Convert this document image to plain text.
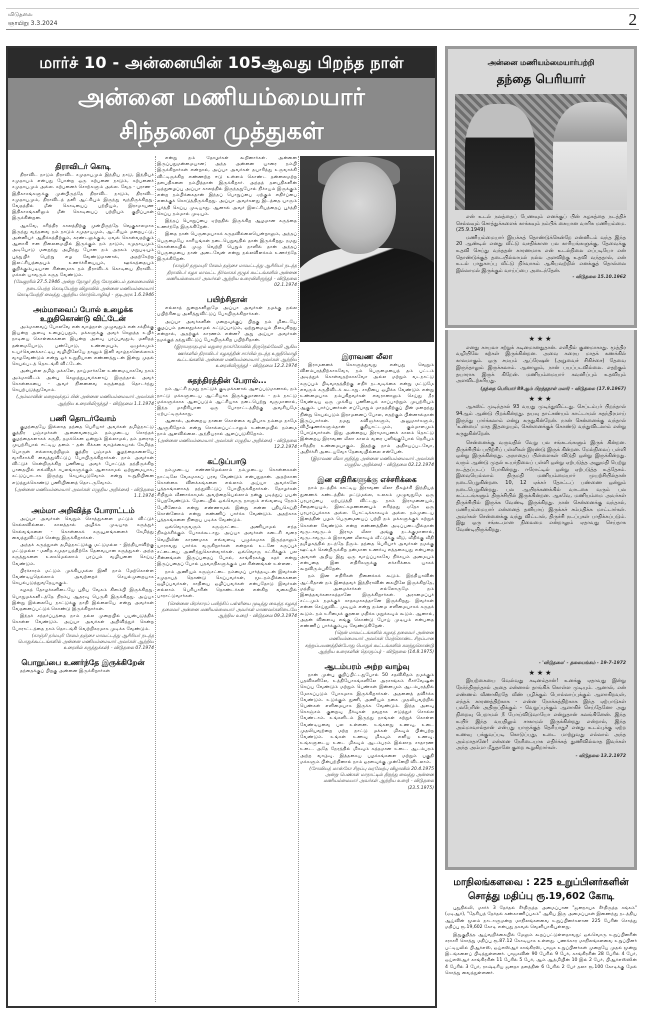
விடுதலை
ஞாயிறு 3.3.2024	2
மார்ச் 10 - அன்னையின் 105ஆவது பிறந்த நாள்
அன்னை மணியம்மையார்
சிந்தனை முத்துகள்
திராவிடர் கொடி

திராவிட நாடும் திராவிட சமுதாயமும் இந்திய நாடு, இந்தியச் சமுதாயம் என்பது போன்ற ஒரு கற்பனை நாடும், கற்பனைச் சமுதாயமும் அல்ல. கற்பனைச் சொற்களும் அல்ல. வேத - புராண - இதிகாசங்களுக்கு முன்பிருந்தே திராவிட நாடும், திராவிட சமுதாயமும், திராவிடத் தனி ஆட்சியும் இருந்து வந்திருக்கிறது. வேதத்தில் மீன் கொடியைப் பற்றியும், இராமாயண இதிகாசங்களிலும் மீன் கொடியைப் பற்றியும் குறிப்புகள் இருக்கின்றன.

ஆகவே, சரித்திர காலத்திற்கு முன்பிருந்தே வெகுகாலமாக இருந்து வந்தவை நம் நாடும் சமுதாயமும், ஆட்சியும் மறைபட்டு, அன்னியர் ஆதிக்கத்திற்கும், சுரண்டலுக்கும், ஏவல் கொள்வதற்கும் ஆளாகி ஈன நிலைமையில் இருக்கும் நம் நாடும், சமுதாயமும் அடியோடு மறைந்து அழிந்து போன நம் அரசும் மறுபடியும் புத்துயிர் பெற்று எழ வேண்டுமானால், அதற்கேற்ற இலட்சியத்தையும் உணர்ச்சியையும், ஊக்கத்தையும் குறிக்கும்படியான சின்னமாக நம் திராவிடக் கொடியை திராவிட மக்கள் யாவரும் கருத வேண்டும்.

(வேலூரில் 27.5.1946 அன்று தோழர் திரு கோதண்டம் தலைமையில் நடைபெற்ற கொடியேற்று விழாவில் அன்னை மணியம்மையார் கொடியேற்றி வைத்து ஆற்றிய சொற்பொழிவு) - குடிஅரசு 1.6.1946

அம்மாவைப் போல் உழைக்க உறுதிகொண்டு விட்டேன்

அம்மாவைப் போலவே என் வாழ்நாள் முழுவதும் என் சக்திக்கு இயன்ற அளவு உழைப்பதும், மக்களுக்கு அவர் செலுத்த உயிர் நாடியை கொள்கைகளை இயன்ற அளவு பரப்புவதும், மனிதத் தன்மையோடு, பண்போடு, உண்மையும், ஒழுக்கமும் உயர்வெனக்காட்டிய வழியிலேயே நானும் இனி வாழ்நாளெல்லாம் வாழவேண்டும் என்று ஓர் உறுதியான எண்ணத்துடன் இன்று முதல் செயல்படத் தொடங்கி விட்டேன்.

அன்புள்ள தமிழ் மக்களே, தாய்மார்களே உண்மையாகவே நாம் அம்மாவிடம் அன்பு செலுத்துபவர்களாய் இருந்தால் அவர் கொள்கையை - அவர் நினைவை கருத்தைத் தொடர்ந்து செயற்படுத்துவோம்.

(அம்மாவின் மறைவுக்குப் பின் அன்னை மணியம்மையார் அவர்கள் ஆற்றிய உரையிலிருந்து) - விடுதலை 1.1.1974

பணி தொடர்வோம்

குழந்தையே இல்லாத தந்தை பெரியார் அவர்கள் தமிழ்நாட்டு குத்திர பஞ்சமர்கள் அனைவரையும் தம்முடைய சொந்தக் குழந்தைகளாகக் கருதி, தமக்கென ஒன்றும் இல்லாமல், தம் தளராத முயற்சியால் ஈட்டிய தனம் - தன் சிக்கன வாழ்க்கையால் சேமித்த பொருள் எல்லாவற்றிலும் குத்திர பஞ்சமக் குழந்தைகளையே வாரிசாக்கி வைத்துவிட்டுப் போயிருக்கிறார்கள். நாம் அவர்கள் விட்டுச் சென்றிருக்கிற பணியை அவர் போட்டுத் தந்திருக்கிற பாதையில் எவ்விதச் சபலங்களுக்கும் ஆளாகாமல் ஒற்றுமையாக, கட்டுப்பாடாக இருந்து செயல்படுவோம் என்று உறுதியினை எடுத்துக்கொண்டு பணியினைத் தொடருவோம்.

(அன்னை மணியம்மையார் அவர்கள் எழுதிய அறிக்கை) - விடுதலை 1.1.1974

அம்மா அறிவித்த போராட்டம்

அய்யா அவர்கள் வெறும் சொத்துகளை மட்டும் விட்டுச் செல்லவில்லை. காலத்தால் அழிக்க முடியாத கருத்துச் செல்வங்களை - கொள்கைக் கருவூலங்களைச் சேமித்து வைத்துவிட்டுச் சென்று இருக்கிறார்கள்.

அந்தக் கருத்துகள் தமிழ்நாட்டுக்கு மட்டுமல்ல - இந்தியாவிற்கு மட்டுமல்ல - மனித சமுதாயத்திற்கே தேவையான கருத்துகள். அந்த கருத்துகளை உலகமெல்லாம் பரப்பும் வழியனை செய்ய வேண்டும்.

பிரச்சாரம் மட்டும் முக்கியமல்ல இனி நாம் மேற்கொள்ள வேண்டியதெல்லாம் அவற்றைச் செயல்முறையாக செயல்படுத்துவதேயாகும்.

கழகத் தோழர்களிடையே புதிய வேகம் கிளம்பி இருக்கிறது. பொதுமக்களிடத்தே நிரம்ப ஆதரவு பெருகி இருக்கிறது. அய்யா இன்று இல்லையே நாட்டுக்கு நாதி இல்லையே என்று அவர்கள் வேதனைப்பட்டுக் கொண்டு இருக்கிறார்கள்.

இந்தச் சந்தர்ப்பத்தை நாம் நல்ல முறையில் பயன்படுத்திக் கொள்ள வேண்டும். அய்யா அவர்கள் அறிவித்துச் சென்ற போராட்டத்தை நாம் தொடங்கி வெற்றிகரமாக முடிக்க வேண்டும்.

(காஞ்சி தர்மபுரி சேலம் தஞ்சை மாவட்டத்து ஆசிரியர் நடத்த பொதுக்கூட்டங்களில் அன்னை மணியம்மையார் அவர்கள் ஆற்றிய உரையில் கருத்துக்கள்) - விடுதலை 07.1974

பொறுப்பை உணர்ந்தே இருக்கிறேன்

தந்தைக்குப் பிறகு அன்னை இருக்கிறார்கள்

என்று நம் தோழர்கள் கூறினார்கள். அன்னை இருப்பதுமன்மையான; அந்த அன்னை யாரை நம்பி இருக்கிறார்கள் என்றால், அய்யா அவர்கள் தயாரித்து உருவாக்கி விட்டிருக்கிற எண்ணற்ற ஈடு உள்ளம் கொண்ட தன்னலமற்ற தளபதிகளை நம்பித்தான் இருக்கிறார். அந்தத் தளபதிகளின் ஒத்துழைப்பு அய்யா காலத்தில் இருந்ததுபோல் நிச்சயம் இருக்கும் என்ற நம்பிக்கைதான் இந்தப் பொறுப்பை ஏற்கும் எதிர்ப்பை எனக்குக் கொடுத்திருக்கிறது. அய்யா அவர்களது இடத்தை யாரும் பூர்த்தி செய்ய முடியாது. ஆனால் அவர் இலட்சியத்தைப் பூர்த்தி செய்ய நம்மால் முடியும்.

இந்தப் பொறுப்பை ஏற்றதில் இருக்கிற ஆழமான கருத்தை உணர்ந்தே இருக்கிறேன்.

இதை நான் பெருமையாகக் கருதவில்லையென்றாலும், அந்தப் பெருமையே காரியங்கள் நடைபெறுவதில் தான் இருக்கிறது. நமது கொள்கையில் முழு வெற்றி பெறும் நாளில் தான் அந்தப் பெருமையை நான் அடைவேன் என்று நல்லவிளக்கம் உணர்ந்தே இருக்கிறேன்.

(காஞ்சி தருமபுரி சேலம் தஞ்சை மாவட்டத்து ஆசிரியர் நடத்த திராவிடர் கழக மாவட்ட நிர்வாகக் குழுக் கூட்டங்களில் அன்னை மணியம்மையார் அவர்கள் ஆற்றிய உரையிலிருந்து) - விடுதலை 02.1.1974

பயிற்சிதான்

எல்லாத் துறைகளிலுமே அய்யா அவர்கள் நமக்கு நல்ல பயிற்சியை அளித்துவிட்டுப் போயிருக்கிறார்கள்.

அய்யா அவர்களின் மறைவுக்குப் பிறகு நம் மிடையே குழப்பம் தலைதூக்காமல் கட்டுப்பாடும், ஒற்றுமையும் நிலவுகிறது என்றால், அதற்குக் காரணம் என்ன? அது அய்யா அவர்கள் நமக்குத் தந்துவிட்டுப் போயிருக்கிற பயிற்சிதான்.

(இராமநாதபுரம் மதுரை நாகர்கோவில் திருநெல்வேலி ஆகிய ஊர்களில் திராவிடர் கழகத்தின் சார்பில் நடந்த உறுதிமொழி கூட்டங்களில் அன்னை மணியம்மையார் அவர்கள் ஆற்றிய உரையிலிருந்து) - விடுதலை 12.2.1974

சுதந்திரத்தின் பேரால்...

நம் ஆட்சி நமது நாட்டுக் குடிமக்களால் ஆளப்படுமானால், நம் நாட்டு மக்களுடைய ஆட்சியாக இருக்குமானால் - நம் நாட்டு மக்களுக்காக ஆளப்படும் ஆட்சியாக நடைபெற்று வருமானால், இந்த மாதிரியான ஒரு போராட்டத்திற்கு அவசியமே ஏற்பட்டிருக்காது.

ஆனால், அன்றைய நாளை கொள்கை வழியாக நம்மை நாமே ஆளுகிறோம் என்று சொல்லப்பட்டாலும் உண்மையில் நம்மை நாம் ஆளவில்லை. அந்நியரால் ஆளப்படுகிறோம்.

(அன்னை மணியம்மையார் அவர்கள் எழுதிய அறிக்கை) - விடுதலை 12.2.1974

கட்டுப்பாடு

நம்முடைய எண்ணமெல்லாம் நம்முடைய கொள்கைகள் நாட்டிலே வேகமாகப் பரவ வேண்டும் என்பதுதான். அதற்கான கொள்கை விளக்கங்களை எல்லாம் அய்யா அவர்களே புத்தகங்களாகத் தந்துவிட்டுப் போயிருக்கிறார்கள். தோழர்கள் சிறிதும் வீணாக்காமல் அவற்றையெல்லாம் நன்கு படித்துப் பயன் பெறவேண்டும். மேடையில் ஒவ்வொரு நாளும் எவ்வளவு நேரம் பேசினோம் என்று எண்ணாமல் இன்று என்ன புதியசெய்தி சொன்னோம் என்று எண்ணிப் பார்க்க வேண்டும். அதற்காக புத்தகங்களை நிறைய படிக்க வேண்டும்.

ஒவ்வொருவரும் கருஞ்சட்டை அணியாமல் எந்த நிகழ்ச்சிக்கும் போகக்கூடாது. அய்யா அவர்கள் கடைசி வரை வெயிலின் காரணமாக எவ்வளவு புழுக்கமாக இருந்தாலும் யாராவது பார்க்க வருகிறார்கள் என்றால் உடனே கருப்புச் சட்டையை அணிந்துகொள்வார்கள். ஒவ்வொரு கட்சிக்கும் பல சின்னங்கள் இருப்பதைப் போல், காங்கிரசுக்கு கதர் என்று இருப்பதைப் போல் பதவாதிகளுக்கும் பல சின்னங்கள் உள்ளன.

நாம் அணியும் கருஞ்சட்டை நம்மைப் பார்த்தவுடன் இவர்கள் சமுதாயத் தொண்டு செய்பவர்கள், மூடநம்பிக்கைகளை ஒழிப்பவர்கள், சாதியை ஒழிப்பவர்கள் என்பதோடு இவர்கள் எல்லாம் பெரியாரின் தொண்டர்கள் என்கிற வகையில் பாராட்டுவார்கள்.

(சென்னை பிரச்சாரப் பயிற்சிப் பள்ளியை முடித்து வைத்த கழகத் தலைவர் அன்னை மணியம்மையார் அவர்கள் மாணவர்களிடையே ஆற்றிய உரை) - விடுதலை 09.3.1974

இராவண லீலா

இராமனைக் கொளுத்துவது என்பது வெறும் விளம்பரத்திற்காகவோ, நம் பெருமையைத் தம் பட்டம் அடித்துக் கொள்வதற்காகவோ அல்ல மற்றும் வடநாட்டு கருப்பும் பிடிவாதத்திற்கு எதிர் நடவடிக்கை என்று மட்டுமே எவரும் கருதிவிடக் கூடாது. சாதியை ஒழிக்க வேண்டும் என்று உண்மையாக நம்புகிறவர்கள் எவரானாலும் செய்து தீர வேண்டிய ஒரு முக்கிய பணியைக் காப்பாற்றும் முயற்சியும் ஆகும். பார்ப்பனர்கள் எப்போதும் மாதத்திற்குப் பின் மறைந்து நின்று செயல்படும் இராமனைப் போல, எதற்கும் பின்னால்தான் இருப்பார்கள். நமது கவிஞர்களும், அனுமார்களும், விபீஷணர்களும்தான் குதியாட்டமும், கும்மாளமும் போடுவார்கள். இது அன்றைய இராமாயணக் காலம் தொட்டு இன்றைய இராவண லீலா காலம் வரை பளிங்குபோல் தெரியும் சரித்திர உண்மையாகும். இதற்கு நாம் அதிசயப்படவோ, அதிர்ச்சி அடையவோ தேவையில்லை என்பேன்.

(இராவண லீலா குறித்து அன்னை மணியம்மையார் அவர்கள் எழுதிய அறிக்கை) - விடுதலை 02.12.1974

இன எதிரிகளுக்கு எச்சரிக்கை

நாம் நடத்திக் காட்டிய இராவண லீலா நிகழ்ச்சி இந்தியத் துணைக் கண்டத்தில் மட்டுமல்ல, உலகம் முழுவதுமே ஒரு பரபரப்பை ஏற்படுத்தி விட்டது. நாம் இராமனையும், சீதையையும், இலட்சுமணனையும் எரித்தது ஏதோ ஒரு பரபரப்புக்காக அல்ல. போட்டிக்காகவும் அல்ல. நம்முடைய இனத்தின் பழம் பெருமையைப் பற்றி நம் மக்களுக்குக் கற்றுக் கொள்ள வேண்டும் என்ற எண்ணத்தின் அடிப்படையில்தான் வருடாவருடம் இராம லீலா அங்கு நடக்குமானால், வருடாவருடம் இராவண லீலாவும் வீட்டுக்கு வீடு, வீதிக்கு வீதி தமிழகத்தில் நடந்தே தீரும். தந்தை பெரியார் அவர்கள் நமக்கு ஊட்டிச் சென்றிருக்கிற தன்மான உணர்வு எத்தகையது என்பதை அவாள் அறிய இது ஒரு வாய்ப்பாகவே நிச்சயம் அமையும் என்பதை இன எதிரிகளுக்கு எச்சரிக்கை யாகக் கூறவிரும்புகிறேன்.

நம் இன எதிரிகள் நினைக்கக் கூடும். இந்தியாவின் ஆட்சிதான் நம் இனத்தவர் இந்திராவின் கையிலே இருக்கிறதே, மத்திய அமைச்சர்கள் எல்லோருமே நம் இனத்தவர்களாகத்தானே இருக்கிறார்கள். அரசமைப்புச் சட்டமும் நமக்குச் சாதகமாகத்தானே இருக்கிறது. இவர்கள் என்ன செய்துவிட முடியும் என்று நம்மை எளிமையாகக் கருதக் கூடும். நம் உரிமைக் குரலை மதிக்க மறுக்கவும் கூடும். ஆனால், அதன் விளைவு எங்கு கொண்டு போய் முடியும் என்பதை எண்ணிப் பார்க்கும்படி வேண்டுகிறேன்.

(தென் மாவட்டங்களில் கழகத் தலைவர் அன்னை மணியம்மையார் அவர்கள் மேற்கொண்ட சிறப்பான சுற்றுப்பயணத்தின்போது பொதுக் கூட்டங்களில் கலந்துகொண்டு ஆற்றிய உரைகளின் தொகுப்பு) - விடுதலை (14.8.1975)

ஆடம்பரம் அற்ற வாழ்வு

நான் முன்பு குறிப்பிட்டதுபோல் 50 சதவிகிதம் நமக்கும் பதவிகளிலே, உத்தியோகங்களிலே அரசாங்கம் ரிசர்வேஷன் செய்ய வேண்டும் மற்றும் பெண்கள் இன்னமும் ஆடம்பரத்தில் மோகப்படும் போகமாக இருக்கிறார்கள். அதனைத் தவிர்க்க வேண்டும். உடுக்கும் துணி, அணியும் நகை முதலியவற்றில் பெண்கள் எளிமையாக இருக்க வேண்டும். இந்த அளவு கொஞ்சம் குறைவு தீர்வுகள் தவறாக எடுத்துச் சொல்ல வேண்டாம். உங்களிடம் இருந்து நாங்கள் கற்றுக் கொள்ள வேண்டியவை பல உள்ளன. உங்களது உணவு, உடை முதலியவற்றை மற்ற நாட்டு மக்கள் மிகவும் பின்பற்ற வேண்டும். உங்கள் உணவு மிகவும் எளிய உணவு. உங்களுடைய உடை மிகவும் ஆடம்பரம் இல்லாத சாதாரண உடை. அதே நேரத்தில் மிகவும் சுத்தமான உடை. ஆடம்பரம் அற்ற வாழ்வு. இத்தகைய பழக்கங்களை மற்றும் பகுதி மக்களும் பின்பற்றினால் நாம் ஓரளவுக்கு முன்னேறி விடலாம்.

(சோவியத் மாஸ்கோ சிறப்பு வரவேற்பு விழாவில் 20.4.1975 அன்று பெண்கள் மாநாட்டில் திறந்து வைத்து அன்னை மணியம்மையார் அவர்கள் ஆற்றிய உரை) - விடுதலை (23.5.1975)

அன்னை மணியம்மையார்பற்றி
தந்தை பெரியார்

என் உடல் நலத்தைப் பேணவும் எனக்குப் பின் கழகத்தை நடத்திச் செல்லவும் சொத்துக்களைக் காக்கவும் நம்பிக் கையான வாரிசு மணியம்மை. (25.9.1949)

மணியம்மையார் இயக்கத் தொண்டுக்கென்றே என்னிடம் வந்த இந்த 20 ஆண்டில் எனது வீட்டு வசதிக்கான பல காரியங்களுக்கு, தேவைக்கு உதவி செய்து வந்ததன் காரணமாக என் உடல்நிலை எப்படியோ என் தொண்டுக்குத் தடையில்லாமல் நல்ல அளவிற்கு உதவி வந்ததால், என் உடல் பாதுகாப்பு வீட்டு நிர்வாகம் ஆகியவற்றில் எனக்குத் தொல்லை இல்லாமல் இருக்கும் வாய்ப்பை அடைந்தேன்.

- விடுதலை 15.10.1962

★★★

எனது காயலா சற்றுக் கடினமானதுதான். எளிதில் குணமாகாது. மூத்திர வழியிலே கற்கள் இருக்கின்றன. அவை கரைய மாதக் கணக்கில் காலமாகும். ஒரு சமயம் ஆப்ரேஷன் (அறுவைச் சிகிச்சை) தேவை இருந்தாலும் இருக்கலாம். ஆனாலும், நான் பயப்படவில்லை. எதற்கும் தயாராக இருக் கிறேன். மணியம்மையார் கவனிப்பும் உதவியும் அளவிடற்கரியது.

(தந்தை பெரியார் 89ஆம் பிறந்தநாள் மலர்) - விடுதலை (17.9.1967)

★★★

ஆகஸ்ட் முடிந்தால் 93 வயது முடிந்துவிட்டது. செப்டம்பர் பிறந்தால் 94ஆம் ஆண்டு பிறக்கின்றது. தயவு தாட்சண்யம் காட்டாமல் சுதந்திரமாய் இருந்து பார்க்கலாம் என்று கருதுகின்றேன். நான் சென்னைக்கு வந்தால் 'உண்மை' மாத இதழையும், சென்னைக்குக் கொண்டு வந்துவிடலாம் என்று கருதுகின்றேன்.

சென்னைக்கு வருவதில் வேறு பல சங்கடங்களும் இருக் கின்றன. திருச்சியில் பயிற்சிப் பள்ளிகள் இரண்டு இருக் கின்றன. மேல்நிலைப் பள்ளி ஒன்று இருக்கின்றது. அநாதைப் பிள்ளைகள் விடுதி ஒன்று இருக்கின்றது. வரும் ஆண்டு முதல் உயர்நிலைப் பள்ளி ஒன்று ஏற்படுத்த அனுமதி பெற்று நடத்தப்படப் போகின்றது. ஈரோட்டில் ஒன்று ஏற்படுத்த உத்தேசம். இவையெல்லாம் திருமதி மணியம்மையார் முயற்சியில்தான் நடைபெறுகின்றன. 10, 12 ஏக்கர் தோட்டப் பண்ணை ஒன்றும் நடைபெறுகின்றது. பல ஆயிரக்கணக்கில் வாடகை வரும் பல கட்டடங்களும் திருச்சியில் இருக்கின்றன. ஆகவே, மணியம்மை அவர்கள் திருச்சியில் இருக்க வேண்டி இருக்கிறது. நான் சென்னைக்கு வந்தால், மணியம்மையார் என்னைத் தனியாய் இருக்கச் சம்மதிக்க மாட்டார்கள். அவர்கள் சென்னைக்கு வந்து விட்டால், திருச்சி நடப்புகள் பாதிக்கப்படும். இது ஒரு சங்கடமான நிலைமை என்றாலும் ஏதாவது செய்தாக வேண்டியிருக்கிறது.

- 'விடுதலை' - தலையங்கம் - 19-7-1972

★★★

இயற்கையை வெல்வது கடினம்தான்! உனக்கு ஏதாவது இன்று நேர்ந்திருந்தால் அதை என்னால் தாங்கிக் கொள்ள முடியும். ஆனால், என் எண்ணம் வீணாகிறதே வீண் பழிக்கும் பொல்லாப்புக்கும் ஆளாகிறவள், எந்தக் காரணத்திற்காக - என்ன நோக்கத்திற்காக இந்த ஏற்பாடுகள் பலபேரின் அதிருப்திக்கும் - வெறுப்புக்கும் ஆளாகிச் செய்தேனோ அது நிறைவு பெறாமல் நீ போய்விடுவாயோ என்றுதான் கலங்கினேன். இந்த உயிர் இந்த வயதிலும் சாகாமல் இருக்கின்றது என்றால், இந்த அம்மாவால்தான் என்பது யாருக்குத் தெரியாது? எனது உடம்புக்கு ஏற்ற உணவு பக்குவப்படி கொடுப்பது, உடை மாற்றுவது எல்லாம் அந்த அம்மாதானே! என்னை நேரிடையாக எதிர்க்கத் துணிவில்லாத இவர்கள் அந்த அம்மா மீதுதானே குறை கூறுகிறார்கள்.

- விடுதலை 13.2.1972

மாநிலங்களவை : 225 உறுப்பினர்களின்
சொத்து மதிப்பு ரூ.19,602 கோடி

புதுதில்லி, மார்ச் 3 தேர்தல் சீர்திருத்த அமைப்பான "ஜனநாயக சீர்திருத்த சங்கம்" (ஏடிஆர்), "தேசியத் தேர்தல் கண்காணிப்பகம்" ஆகிய இரு அமைப்புகள் இணைந்து நடத்திய ஆய்வின் மூலம் நாடாளுமன்ற மாநிலங்களவை உறுப்பினர்களான 225 பேரின் சொத்து மதிப்பு ரூ.19,602 கோடி என்பது தகவல் வெளியாகியுள்ளது.

இதுகுறித்த ஆய்வறிக்கையில் மேலும் கூறப்பட்டுள்ளதாவது: ஒவ்வொரு உறுப்பினரின் சராசரி சொத்து மதிப்பு ரூ.87.12 கோடியாக உள்ளது. பணக்கார மாநிலங்களவை உறுப்பினர் பட்டியலில் பிஆர்எஸ், ஒய்எஸ்ஆர் காங்கிரஸ், பாஜக உறுப்பினர்கள் முறையே முதல் மூன்று இடங்களைப் பிடித்துள்ளனர். பாஜகவின் 90 பேரில் 9 பேர், காங்கிரசின் 28 பேரில் 4 பேர், ஒய்எஸ்ஆர் காங்கிரசின் 11 பேரில் 5 பேர், ஆம் ஆத்மியின் 10 இல் 2 பேர், பிஆர்எஸ்ஸின் 4 பேரில் 3 பேர், ராஷ்டிரிய ஜனதா தளத்தின் 6 பேரில் 2 பேர் தலா ரூ.100 கோடிக்கு மேல் சொத்து வைத்துள்ளனர்.
